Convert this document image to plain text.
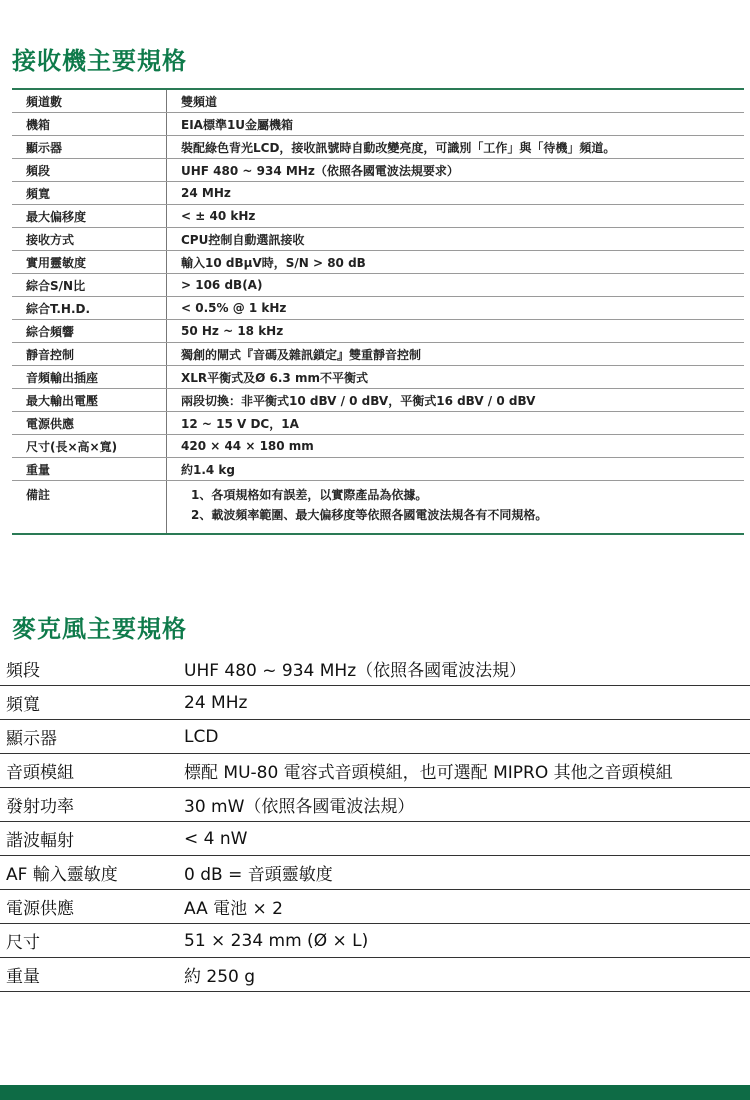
接收機主要規格
頻道數	雙頻道
機箱	EIA標準1U金屬機箱
顯示器	裝配綠色背光LCD，接收訊號時自動改變亮度，可識別「工作」與「待機」頻道。
頻段	UHF 480 ~ 934 MHz（依照各國電波法規要求）
頻寬	24 MHz
最大偏移度	< ± 40 kHz
接收方式	CPU控制自動選訊接收
實用靈敏度	輸入10 dBμV時，S/N > 80 dB
綜合S/N比	> 106 dB(A)
綜合T.H.D.	< 0.5% @ 1 kHz
綜合頻響	50 Hz ~ 18 kHz
靜音控制	獨創的閘式『音碼及雜訊鎖定』雙重靜音控制
音頻輸出插座	XLR平衡式及Ø 6.3 mm不平衡式
最大輸出電壓	兩段切換：非平衡式10 dBV / 0 dBV，平衡式16 dBV / 0 dBV
電源供應	12 ~ 15 V DC，1A
尺寸(長×高×寬)	420 × 44 × 180 mm
重量	約1.4 kg
備註	1、各項規格如有誤差，以實際產品為依據。
2、載波頻率範圍、最大偏移度等依照各國電波法規各有不同規格。
麥克風主要規格
頻段	UHF 480 ~ 934 MHz（依照各國電波法規）
頻寬	24 MHz
顯示器	LCD
音頭模組	標配 MU-80 電容式音頭模組，也可選配 MIPRO 其他之音頭模組
發射功率	30 mW（依照各國電波法規）
諧波輻射	< 4 nW
AF 輸入靈敏度	0 dB = 音頭靈敏度
電源供應	AA 電池 × 2
尺寸	51 × 234 mm (Ø × L)
重量	約 250 g
